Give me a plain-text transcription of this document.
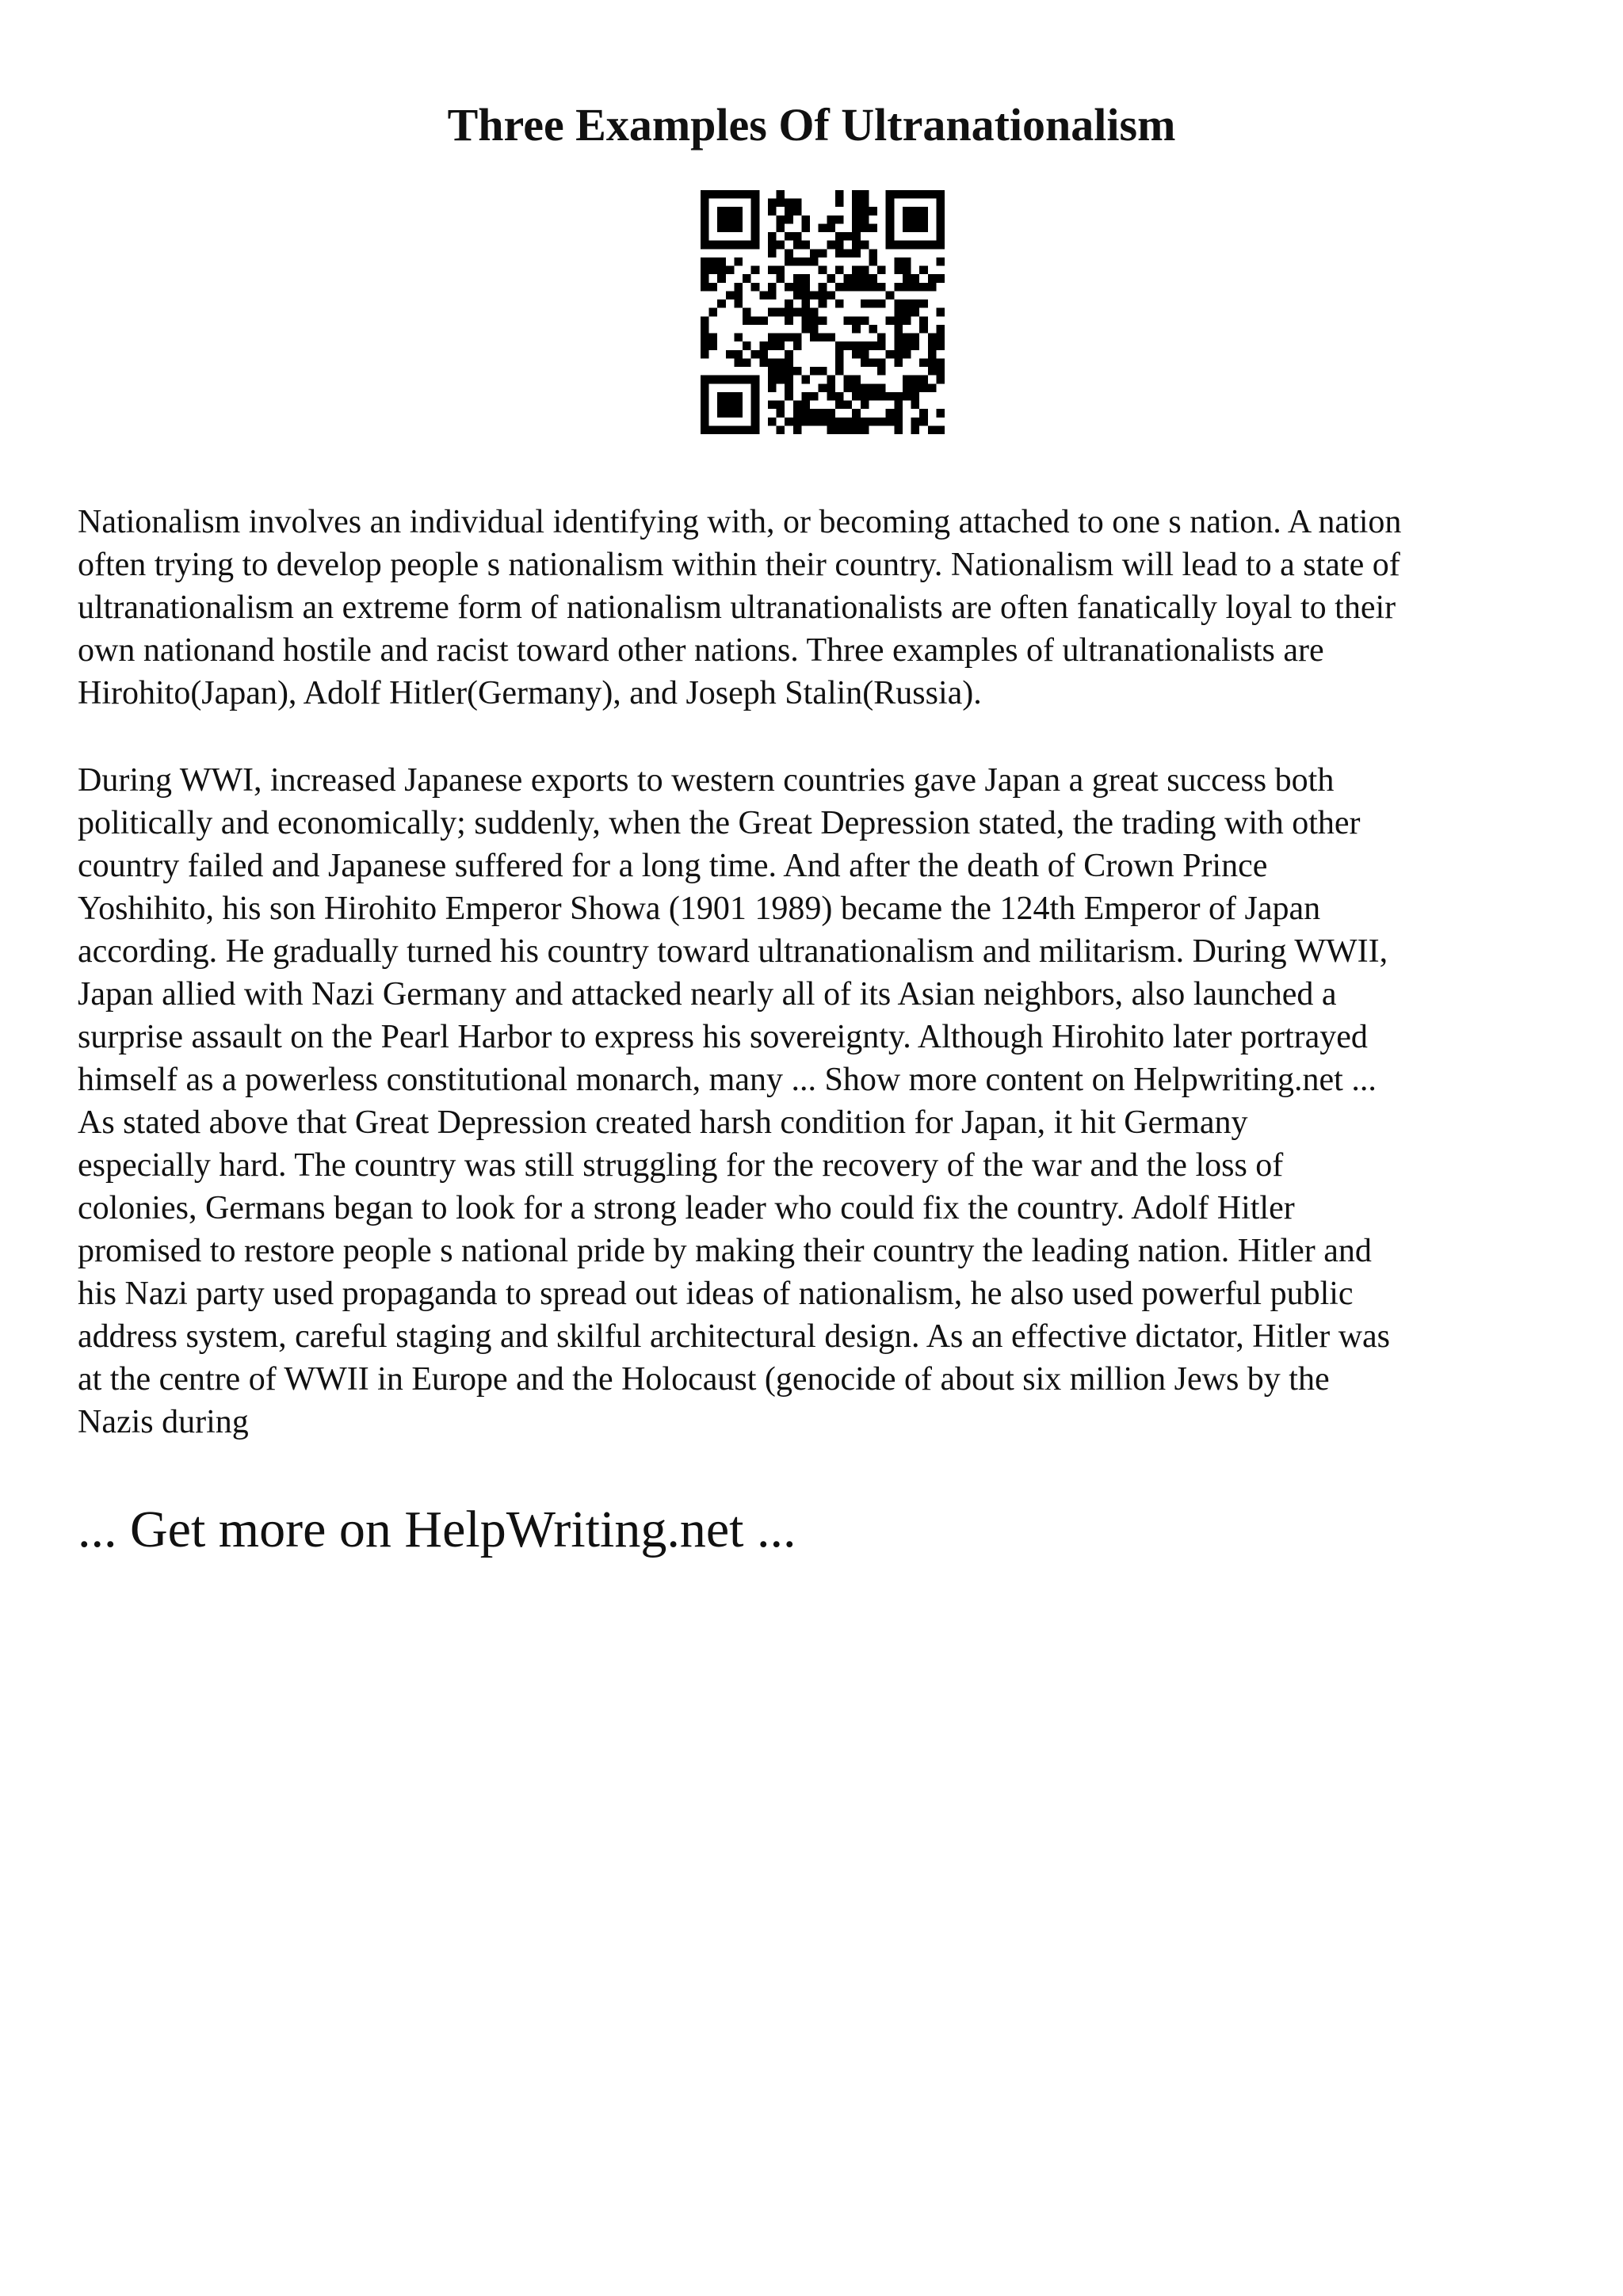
Three Examples Of Ultranationalism

Nationalism involves an individual identifying with, or becoming attached to one s nation. A nation
often trying to develop people s nationalism within their country. Nationalism will lead to a state of
ultranationalism an extreme form of nationalism ultranationalists are often fanatically loyal to their
own nationand hostile and racist toward other nations. Three examples of ultranationalists are
Hirohito(Japan), Adolf Hitler(Germany), and Joseph Stalin(Russia).

During WWI, increased Japanese exports to western countries gave Japan a great success both
politically and economically; suddenly, when the Great Depression stated, the trading with other
country failed and Japanese suffered for a long time. And after the death of Crown Prince
Yoshihito, his son Hirohito Emperor Showa (1901 1989) became the 124th Emperor of Japan
according. He gradually turned his country toward ultranationalism and militarism. During WWII,
Japan allied with Nazi Germany and attacked nearly all of its Asian neighbors, also launched a
surprise assault on the Pearl Harbor to express his sovereignty. Although Hirohito later portrayed
himself as a powerless constitutional monarch, many ... Show more content on Helpwriting.net ...
As stated above that Great Depression created harsh condition for Japan, it hit Germany
especially hard. The country was still struggling for the recovery of the war and the loss of
colonies, Germans began to look for a strong leader who could fix the country. Adolf Hitler
promised to restore people s national pride by making their country the leading nation. Hitler and
his Nazi party used propaganda to spread out ideas of nationalism, he also used powerful public
address system, careful staging and skilful architectural design. As an effective dictator, Hitler was
at the centre of WWII in Europe and the Holocaust (genocide of about six million Jews by the
Nazis during

... Get more on HelpWriting.net ...
